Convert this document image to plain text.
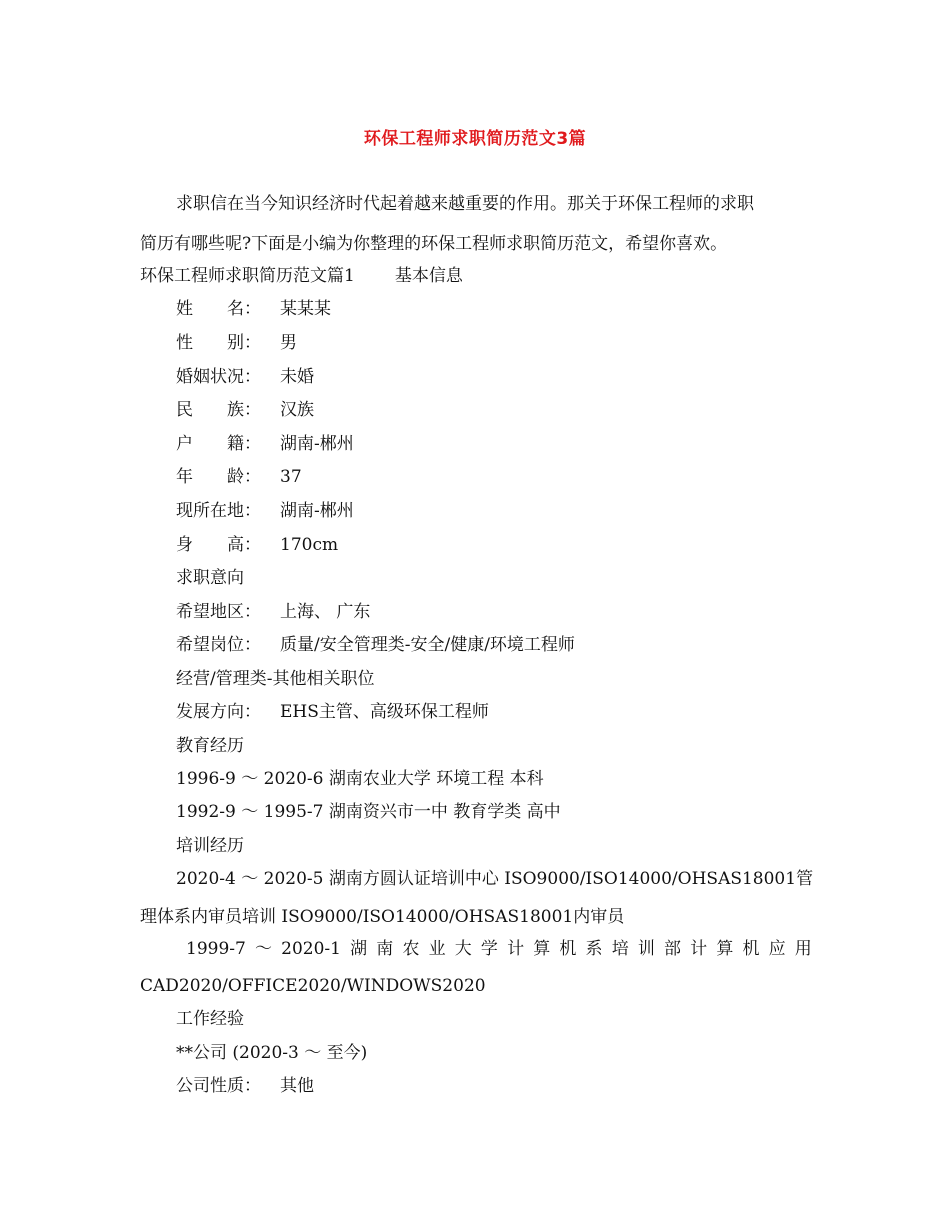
环保工程师求职简历范文3篇
求职信在当今知识经济时代起着越来越重要的作用。那关于环保工程师的求职
简历有哪些呢?下面是小编为你整理的环保工程师求职简历范文，希望你喜欢。
环保工程师求职简历范文篇1 基本信息
姓　　名： 某某某
性　　别： 男
婚姻状况： 未婚
民　　族： 汉族
户　　籍： 湖南-郴州
年　　龄： 37
现所在地： 湖南-郴州
身　　高： 170cm
求职意向
希望地区： 上海、 广东
希望岗位： 质量/安全管理类-安全/健康/环境工程师
经营/管理类-其他相关职位
发展方向： EHS主管、高级环保工程师
教育经历
1996-9 ～ 2020-6 湖南农业大学 环境工程 本科
1992-9 ～ 1995-7 湖南资兴市一中 教育学类 高中
培训经历
2020-4 ～ 2020-5 湖南方圆认证培训中心 ISO9000/ISO14000/OHSAS18001管
理体系内审员培训 ISO9000/ISO14000/OHSAS18001内审员
1999-7 ～ 2020-1 湖 南 农 业 大 学 计 算 机 系 培 训 部 计 算 机 应 用
CAD2020/OFFICE2020/WINDOWS2020
工作经验
**公司 (2020-3 ～ 至今)
公司性质： 其他
